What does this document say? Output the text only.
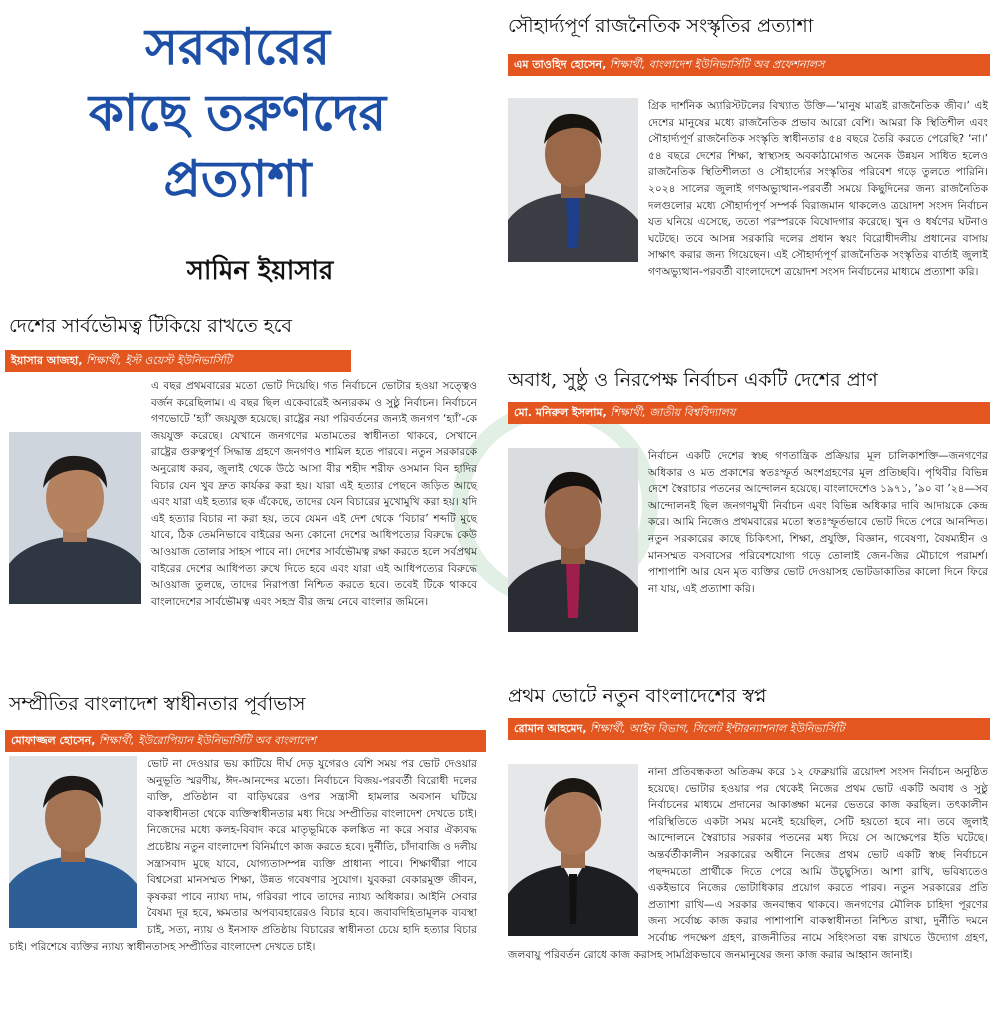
সরকারের
কাছে তরুণদের
প্রত্যাশা
সামিন ইয়াসার
দেশের সার্বভৌমত্ব টিকিয়ে রাখতে হবে
ইয়াসার আজহা, শিক্ষার্থী, ইস্ট ওয়েস্ট ইউনিভার্সিটি
এ বছর প্রথমবারের মতো ভোট দিয়েছি। গত নির্বাচনে ভোটার হওয়া সত্ত্বেও বর্জন করেছিলাম। এ বছর ছিল একেবারেই অন্যরকম ও সুষ্ঠু নির্বাচন। নির্বাচনে গণভোটে ‘হ্যাঁ’ জয়যুক্ত হয়েছে। রাষ্ট্রের নয়া পরিবর্তনের জন্যই জনগণ ‘হ্যাঁ’-কে জয়যুক্ত করেছে। যেখানে জনগণের মতামতের স্বাধীনতা থাকবে, সেখানে রাষ্ট্রের গুরুত্বপূর্ণ সিদ্ধান্ত গ্রহণে জনগণও শামিল হতে পারবে। নতুন সরকারকে অনুরোধ করব, জুলাই থেকে উঠে আসা বীর শহীদ শরীফ ওসমান বিন হাদির বিচার যেন খুব দ্রুত কার্যকর করা হয়। যারা এই হত্যার পেছনে জড়িত আছে এবং যারা এই হত্যার ছক এঁকেছে, তাদের যেন বিচারের মুখোমুখি করা হয়। যদি এই হত্যার বিচার না করা হয়, তবে যেমন এই দেশ থেকে ‘বিচার’ শব্দটি মুছে যাবে, ঠিক তেমনিভাবে বাইরের অন্য কোনো দেশের আধিপত্যের বিরুদ্ধে কেউ আওয়াজ তোলার সাহস পাবে না। দেশের সার্বভৌমত্ব রক্ষা করতে হলে সর্বপ্রথম বাইরের দেশের আধিপত্য রুখে দিতে হবে এবং যারা এই আধিপত্যের বিরুদ্ধে আওয়াজ তুলছে, তাদের নিরাপত্তা নিশ্চিত করতে হবে। তবেই টিকে থাকবে বাংলাদেশের সার্বভৌমত্ব এবং সহস্র বীর জন্ম নেবে বাংলার জমিনে।
সম্প্রীতির বাংলাদেশ স্বাধীনতার পূর্বাভাস
মোফাজ্জল হোসেন, শিক্ষার্থী, ইউরোপিয়ান ইউনিভার্সিটি অব বাংলাদেশ
ভোট না দেওয়ার ভয় কাটিয়ে দীর্ঘ দেড় যুগেরও বেশি সময় পর ভোট দেওয়ার অনুভূতি স্মরণীয়, ঈদ-আনন্দের মতো। নির্বাচনে বিজয়-পরবর্তী বিরোধী দলের ব্যক্তি, প্রতিষ্ঠান বা বাড়িঘরের ওপর সন্ত্রাসী হামলার অবসান ঘটিয়ে বাকস্বাধীনতা থেকে ব্যক্তিস্বাধীনতার মধ্য দিয়ে সম্প্রীতির বাংলাদেশ দেখতে চাই। নিজেদের মধ্যে কলহ-বিবাদ করে মাতৃভূমিকে কলঙ্কিত না করে সবার ঐক্যবদ্ধ প্রচেষ্টায় নতুন বাংলাদেশ বিনির্মাণে কাজ করতে হবে। দুর্নীতি, চাঁদাবাজি ও দলীয় সন্ত্রাসবাদ মুছে যাবে, যোগ্যতাসম্পন্ন ব্যক্তি প্রাধান্য পাবে। শিক্ষার্থীরা পাবে বিশ্বসেরা মানসম্মত শিক্ষা, উন্নত গবেষণার সুযোগ। যুবকরা বেকারমুক্ত জীবন, কৃষকরা পাবে ন্যায্য দাম, গরিবরা পাবে তাদের ন্যায্য অধিকার। আইনি সেবার বৈষম্য দূর হবে, ক্ষমতার অপব্যবহারেরও বিচার হবে। জবাবদিহিতামূলক ব্যবস্থা চাই, সত্য, ন্যায় ও ইনসাফ প্রতিষ্ঠায় বিচারের স্বাধীনতা চেয়ে হাদি হত্যার বিচার চাই। পরিশেষে ব্যক্তির ন্যায্য স্বাধীনতাসহ সম্প্রীতির বাংলাদেশ দেখতে চাই।
সৌহার্দ্যপূর্ণ রাজনৈতিক সংস্কৃতির প্রত্যাশা
এম তাওহিদ হোসেন, শিক্ষার্থী, বাংলাদেশ ইউনিভার্সিটি অব প্রফেশনালস
গ্রিক দার্শনিক অ্যারিস্টটলের বিখ্যাত উক্তি—‘মানুষ মাত্রই রাজনৈতিক জীব।’ এই দেশের মানুষের মধ্যে রাজনৈতিক প্রভাব আরো বেশি। আমরা কি স্থিতিশীল এবং সৌহার্দ্যপূর্ণ রাজনৈতিক সংস্কৃতি স্বাধীনতার ৫৪ বছরে তৈরি করতে পেরেছি? ‘না।’ ৫৪ বছরে দেশের শিক্ষা, স্বাস্থ্যসহ অবকাঠামোগত অনেক উন্নয়ন সাধিত হলেও রাজনৈতিক স্থিতিশীলতা ও সৌহার্দ্যের সংস্কৃতির পরিবেশ গড়ে তুলতে পারিনি। ২০২৪ সালের জুলাই গণঅভ্যুত্থান-পরবর্তী সময়ে কিছুদিনের জন্য রাজনৈতিক দলগুলোর মধ্যে সৌহার্দ্যপূর্ণ সম্পর্ক বিরাজমান থাকলেও ত্রয়োদশ সংসদ নির্বাচন যত ঘনিয়ে এসেছে, ততো পরস্পরকে বিষোদগার করেছে। খুন ও ধর্ষণের ঘটনাও ঘটেছে। তবে আসন্ন সরকারি দলের প্রধান স্বয়ং বিরোধীদলীয় প্রধানের বাসায় সাক্ষাৎ করার জন্য গিয়েছেন। এই সৌহার্দ্যপূর্ণ রাজনৈতিক সংস্কৃতির বার্তাই জুলাই গণঅভ্যুত্থান-পরবর্তী বাংলাদেশে ত্রয়োদশ সংসদ নির্বাচনের মাধ্যমে প্রত্যাশা করি।
অবাধ, সুষ্ঠু ও নিরপেক্ষ নির্বাচন একটি দেশের প্রাণ
মো. মনিরুল ইসলাম, শিক্ষার্থী, জাতীয় বিশ্ববিদ্যালয়
নির্বাচন একটি দেশের স্বচ্ছ গণতান্ত্রিক প্রক্রিয়ার মূল চালিকাশক্তি—জনগণের অধিকার ও মত প্রকাশের স্বতঃস্ফূর্ত অংশগ্রহণের মূল প্রতিচ্ছবি। পৃথিবীর বিভিন্ন দেশে স্বৈরাচার পতনের আন্দোলন হয়েছে। বাংলাদেশেও ১৯৭১, ’৯০ বা ’২৪—সব আন্দোলনই ছিল জনগণমুখী নির্বাচন এবং বিভিন্ন অধিকার দাবি আদায়কে কেন্দ্র করে। আমি নিজেও প্রথমবারের মতো স্বতঃস্ফূর্তভাবে ভোট দিতে পেরে আনন্দিত। নতুন সরকারের কাছে চিকিৎসা, শিক্ষা, প্রযুক্তি, বিজ্ঞান, গবেষণা, বৈষম্যহীন ও মানসম্মত বসবাসের পরিবেশযোগ্য গড়ে তোলাই জেন-জির মৌচাগে পরামর্শ। পাশাপাশি আর যেন মৃত ব্যক্তির ভোট দেওয়াসহ ভোটডাকাতির কালো দিনে ফিরে না যায়, এই প্রত্যাশা করি।
প্রথম ভোটে নতুন বাংলাদেশের স্বপ্ন
রোমান আহমেদ, শিক্ষার্থী, আইন বিভাগ, সিলেট ইন্টারন্যাশনাল ইউনিভার্সিটি
নানা প্রতিবন্ধকতা অতিক্রম করে ১২ ফেব্রুয়ারি ত্রয়োদশ সংসদ নির্বাচন অনুষ্ঠিত হয়েছে। ভোটার হওয়ার পর থেকেই নিজের প্রথম ভোট একটি অবাধ ও সুষ্ঠু নির্বাচনের মাধ্যমে প্রদানের আকাঙ্ক্ষা মনের ভেতরে কাজ করছিল। তৎকালীন পরিস্থিতিতে একটা সময় মনেই হয়েছিল, সেটি হয়তো হবে না। তবে জুলাই আন্দোলনে স্বৈরাচার সরকার পতনের মধ্য দিয়ে সে আক্ষেপের ইতি ঘটেছে। অন্তর্বর্তীকালীন সরকারের অধীনে নিজের প্রথম ভোট একটি স্বচ্ছ নির্বাচনে পছন্দমতো প্রার্থীকে দিতে পেরে আমি উচ্ছ্বসিত। আশা রাখি, ভবিষ্যতেও একইভাবে নিজের ভোটাধিকার প্রয়োগ করতে পারব। নতুন সরকারের প্রতি প্রত্যাশা রাখি—এ সরকার জনবান্ধব থাকবে। জনগণের মৌলিক চাহিদা পূরণের জন্য সর্বোচ্চ কাজ করার পাশাপাশি বাকস্বাধীনতা নিশ্চিত রাখা, দুর্নীতি দমনে সর্বোচ্চ পদক্ষেপ গ্রহণ, রাজনীতির নামে সহিংসতা বন্ধ রাখতে উদ্যোগ গ্রহণ, জলবায়ু পরিবর্তন রোধে কাজ করাসহ সামগ্রিকভাবে জনমানুষের জন্য কাজ করার আহ্বান জানাই।
